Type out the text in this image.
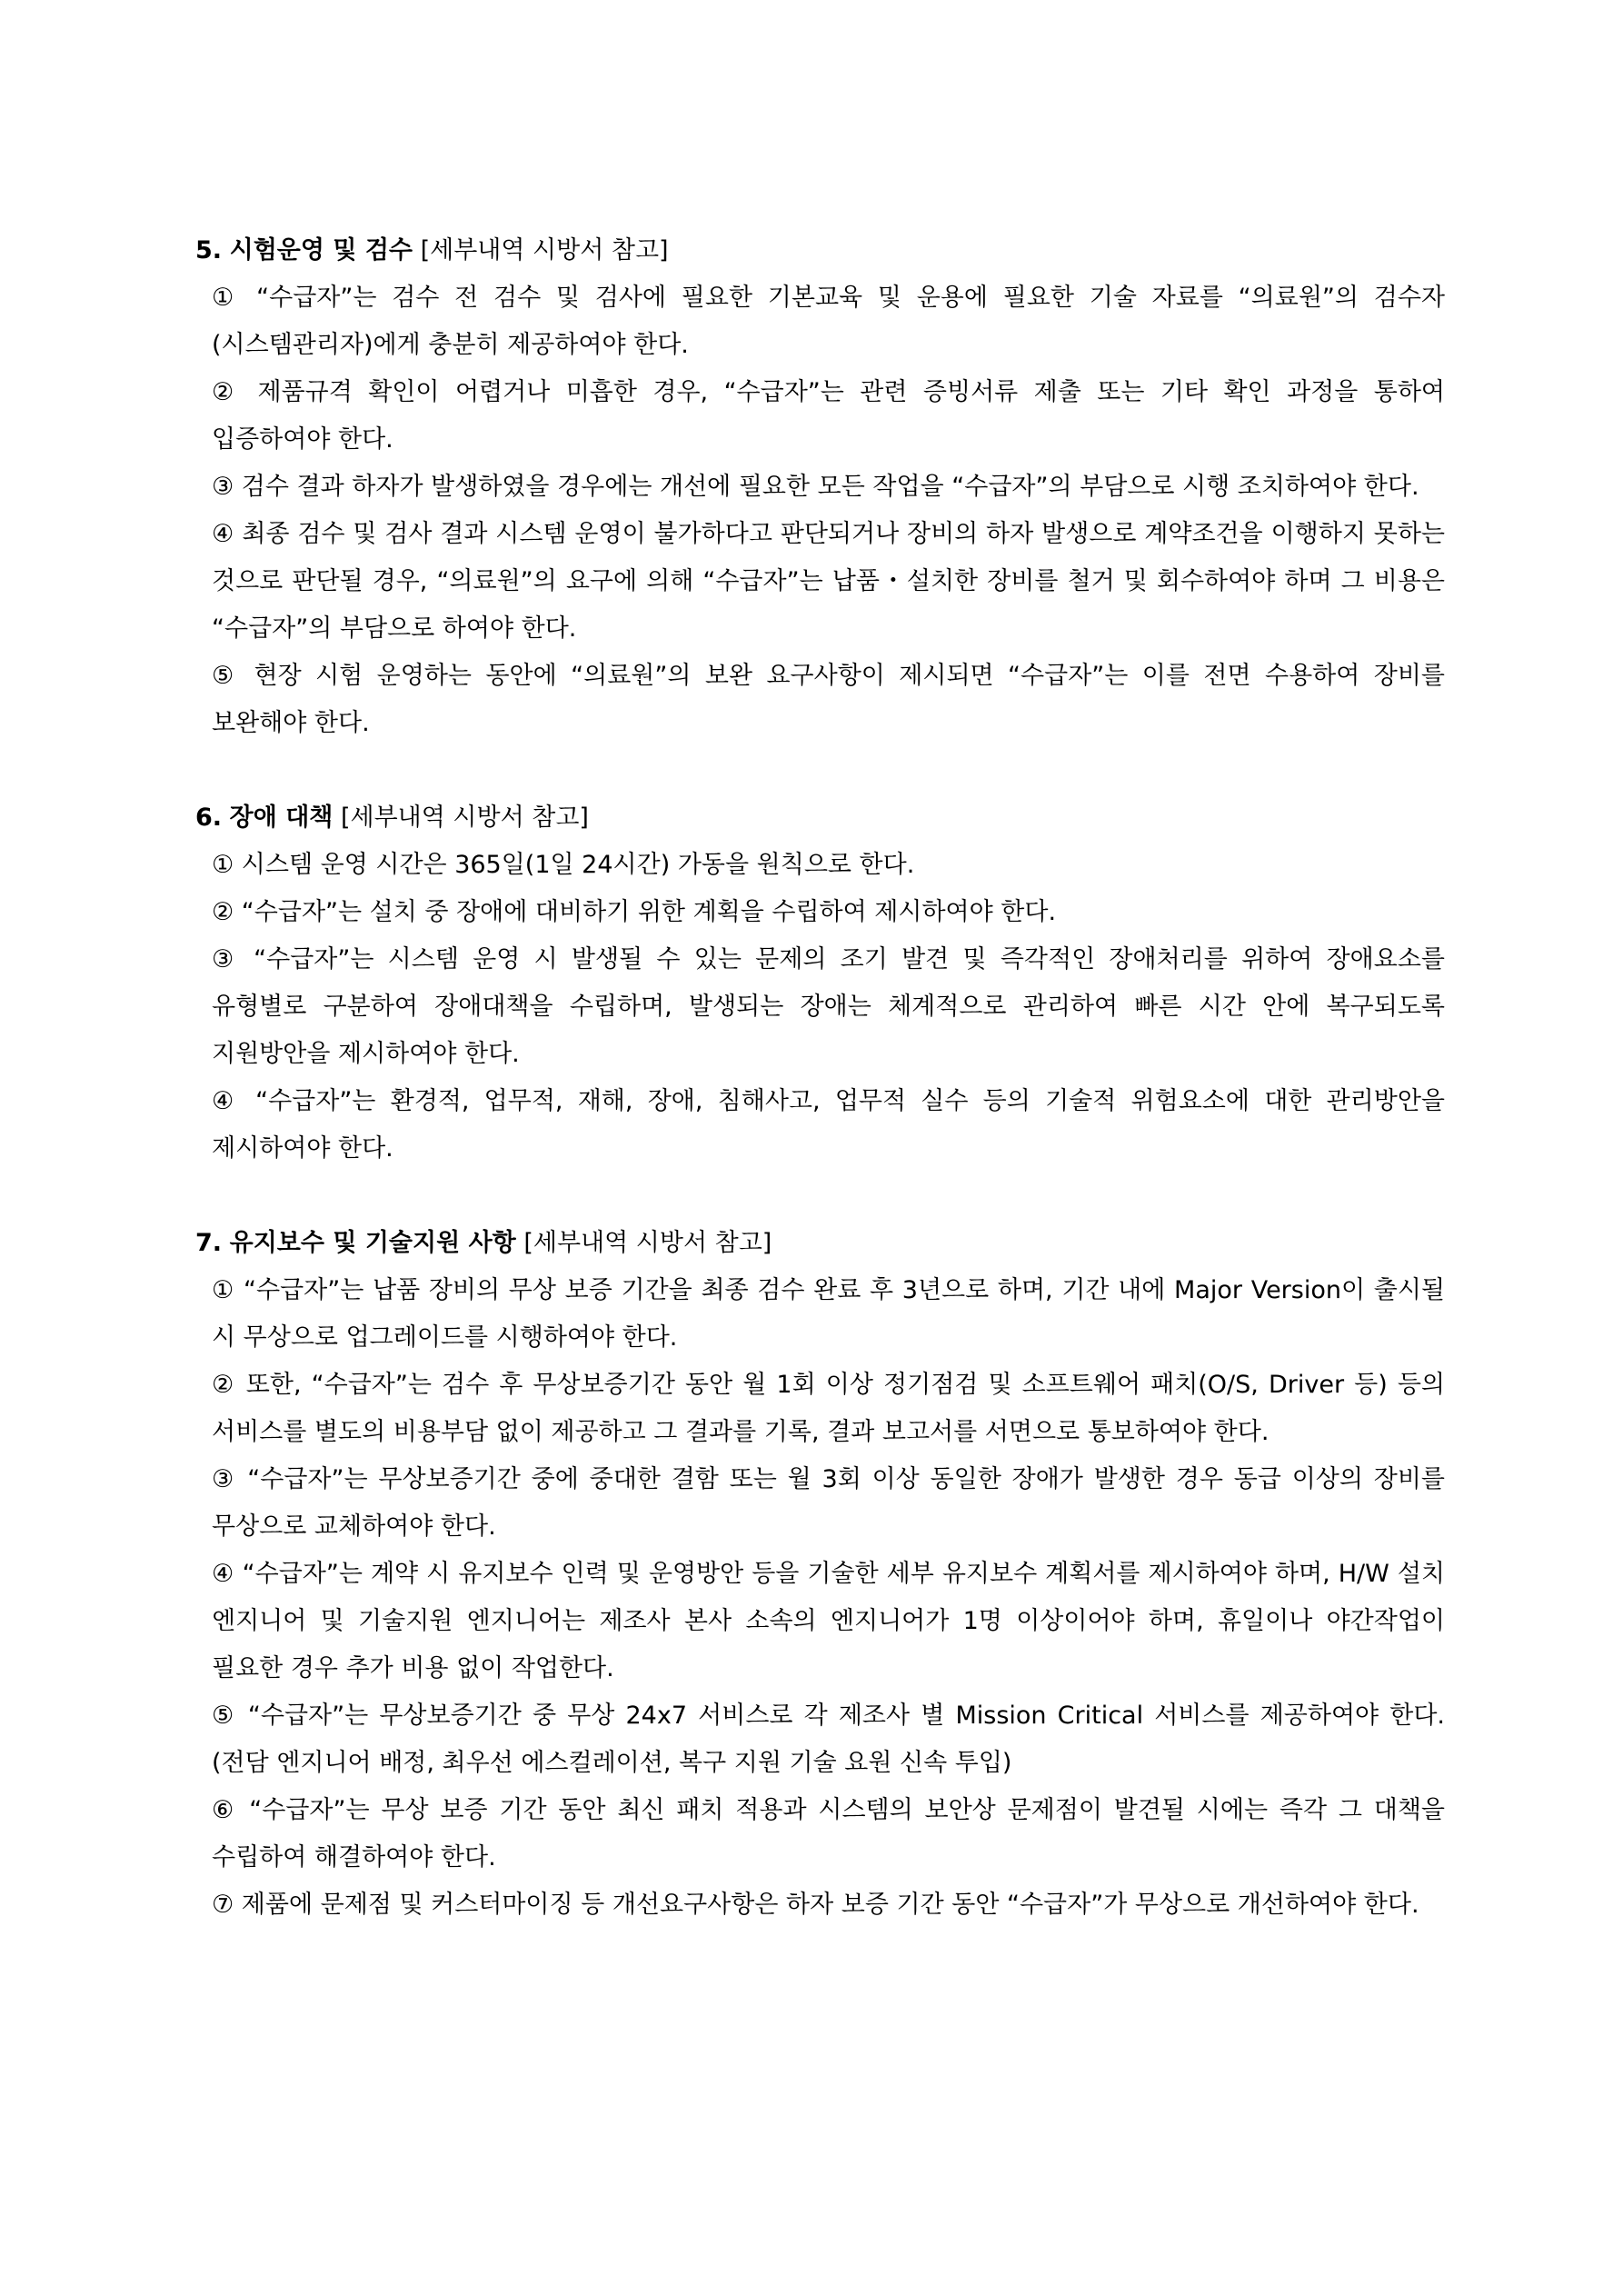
5. 시험운영 및 검수 [세부내역 시방서 참고]
① “수급자”는 검수 전 검수 및 검사에 필요한 기본교육 및 운용에 필요한 기술 자료를 “의료원”의 검수자(시스템관리자)에게 충분히 제공하여야 한다.
② 제품규격 확인이 어렵거나 미흡한 경우, “수급자”는 관련 증빙서류 제출 또는 기타 확인 과정을 통하여 입증하여야 한다.
③ 검수 결과 하자가 발생하였을 경우에는 개선에 필요한 모든 작업을 “수급자”의 부담으로 시행 조치하여야 한다.
④ 최종 검수 및 검사 결과 시스템 운영이 불가하다고 판단되거나 장비의 하자 발생으로 계약조건을 이행하지 못하는 것으로 판단될 경우, “의료원”의 요구에 의해 “수급자”는 납품・설치한 장비를 철거 및 회수하여야 하며 그 비용은 “수급자”의 부담으로 하여야 한다.
⑤ 현장 시험 운영하는 동안에 “의료원”의 보완 요구사항이 제시되면 “수급자”는 이를 전면 수용하여 장비를 보완해야 한다.
6. 장애 대책 [세부내역 시방서 참고]
① 시스템 운영 시간은 365일(1일 24시간) 가동을 원칙으로 한다.
② “수급자”는 설치 중 장애에 대비하기 위한 계획을 수립하여 제시하여야 한다.
③ “수급자”는 시스템 운영 시 발생될 수 있는 문제의 조기 발견 및 즉각적인 장애처리를 위하여 장애요소를 유형별로 구분하여 장애대책을 수립하며, 발생되는 장애는 체계적으로 관리하여 빠른 시간 안에 복구되도록 지원방안을 제시하여야 한다.
④ “수급자”는 환경적, 업무적, 재해, 장애, 침해사고, 업무적 실수 등의 기술적 위험요소에 대한 관리방안을 제시하여야 한다.
7. 유지보수 및 기술지원 사항 [세부내역 시방서 참고]
① “수급자”는 납품 장비의 무상 보증 기간을 최종 검수 완료 후 3년으로 하며, 기간 내에 Major Version이 출시될 시 무상으로 업그레이드를 시행하여야 한다.
② 또한, “수급자”는 검수 후 무상보증기간 동안 월 1회 이상 정기점검 및 소프트웨어 패치(O/S, Driver 등) 등의 서비스를 별도의 비용부담 없이 제공하고 그 결과를 기록, 결과 보고서를 서면으로 통보하여야 한다.
③ “수급자”는 무상보증기간 중에 중대한 결함 또는 월 3회 이상 동일한 장애가 발생한 경우 동급 이상의 장비를 무상으로 교체하여야 한다.
④ “수급자”는 계약 시 유지보수 인력 및 운영방안 등을 기술한 세부 유지보수 계획서를 제시하여야 하며, H/W 설치 엔지니어 및 기술지원 엔지니어는 제조사 본사 소속의 엔지니어가 1명 이상이어야 하며, 휴일이나 야간작업이 필요한 경우 추가 비용 없이 작업한다.
⑤ “수급자”는 무상보증기간 중 무상 24x7 서비스로 각 제조사 별 Mission Critical 서비스를 제공하여야 한다.(전담 엔지니어 배정, 최우선 에스컬레이션, 복구 지원 기술 요원 신속 투입)
⑥ “수급자”는 무상 보증 기간 동안 최신 패치 적용과 시스템의 보안상 문제점이 발견될 시에는 즉각 그 대책을 수립하여 해결하여야 한다.
⑦ 제품에 문제점 및 커스터마이징 등 개선요구사항은 하자 보증 기간 동안 “수급자”가 무상으로 개선하여야 한다.
